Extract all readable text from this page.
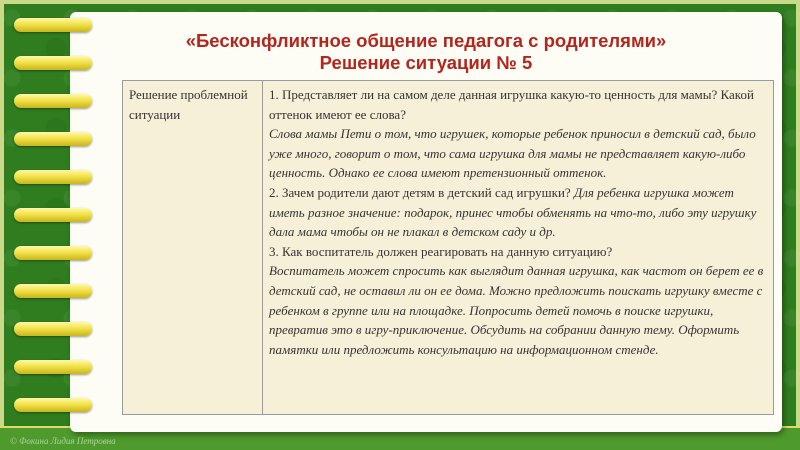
«Бесконфликтное общение педагога с родителями»
Решение ситуации № 5
Решение проблемной ситуации
1. Представляет ли на самом деле данная игрушка какую-то ценность для мамы? Какой оттенок имеют ее слова?
Слова мамы Пети о том, что игрушек, которые ребенок приносил в детский сад, было уже много, говорит о том, что сама игрушка для мамы не представляет какую-либо ценность. Однако ее слова имеют претензионный оттенок.
2. Зачем родители дают детям в детский сад игрушки? Для ребенка игрушка может иметь разное значение: подарок, принес чтобы обменять на что-то, либо эту игрушку дала мама чтобы он не плакал в детском саду и др.
3. Как воспитатель должен реагировать на данную ситуацию?
Воспитатель может спросить как выглядит данная игрушка, как частот он берет ее в детский сад, не оставил ли он ее дома. Можно предложить поискать игрушку вместе с ребенком в группе или на площадке. Попросить детей помочь в поиске игрушки, превратив это в игру-приключение. Обсудить на собрании данную тему. Оформить памятки или предложить консультацию на информационном стенде.
© Фокина Лидия Петровна
